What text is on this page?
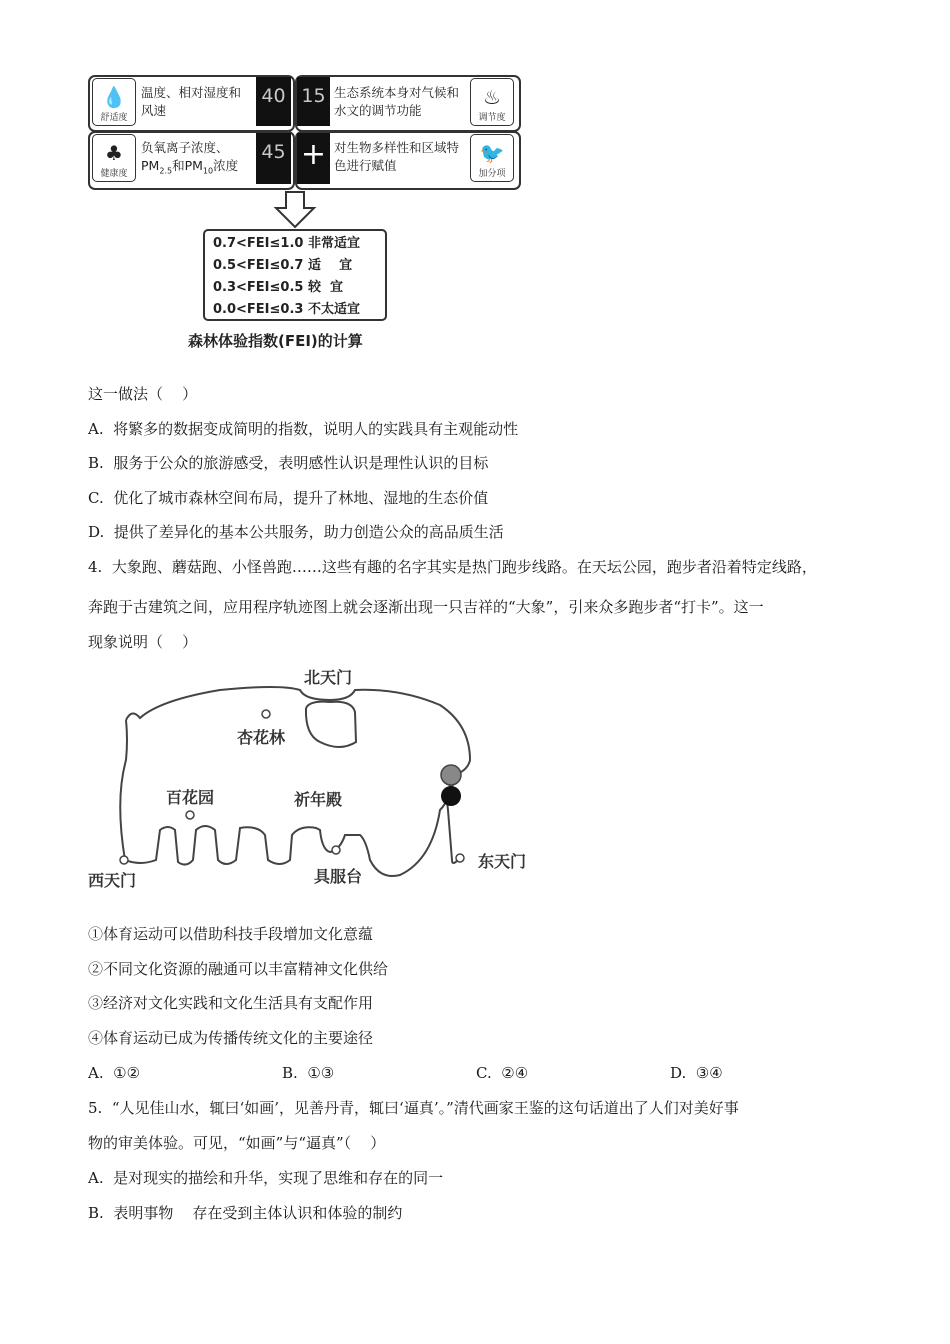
💧
舒适度
温度、相对湿度和风速
40 15 生态系统本身对气候和水文的调节功能
♨
调节度
♣
健康度
负氧离子浓度、
$PM_{2.5}$和$PM_{10}$浓度
45 + 对生物多样性和区域特色进行赋值
🐦
加分项
0.7<FEI≤1.0 非常适宜
0.5<FEI≤0.7 适    宜
0.3<FEI≤0.5 较  宜
0.0<FEI≤0.3 不太适宜
森林体验指数(FEI)的计算
这一做法（    ）
A.  将繁多的数据变成简明的指数，说明人的实践具有主观能动性
B.  服务于公众的旅游感受，表明感性认识是理性认识的目标
C.  优化了城市森林空间布局，提升了林地、湿地的生态价值
D.  提供了差异化的基本公共服务，助力创造公众的高品质生活
4.  大象跑、蘑菇跑、小怪兽跑……这些有趣的名字其实是热门跑步线路。在天坛公园，跑步者沿着特定线路，
奔跑于古建筑之间，应用程序轨迹图上就会逐渐出现一只吉祥的“大象”，引来众多跑步者“打卡”。这一
现象说明（    ）
北天门
杏花林
百花园	祈年殿
西天门
东天门
具服台
①体育运动可以借助科技手段增加文化意蕴
②不同文化资源的融通可以丰富精神文化供给
③经济对文化实践和文化生活具有支配作用
④体育运动已成为传播传统文化的主要途径
A.  ①②	B.  ①③	C.  ②④	D.  ③④
5.  “人见佳山水，辄曰‘如画’，见善丹青，辄曰‘逼真’。”清代画家王鉴的这句话道出了人们对美好事
物的审美体验。可见，“如画”与“逼真”（    ）
A.  是对现实的描绘和升华，实现了思维和存在的同一
B.  表明事物    存在受到主体认识和体验的制约
